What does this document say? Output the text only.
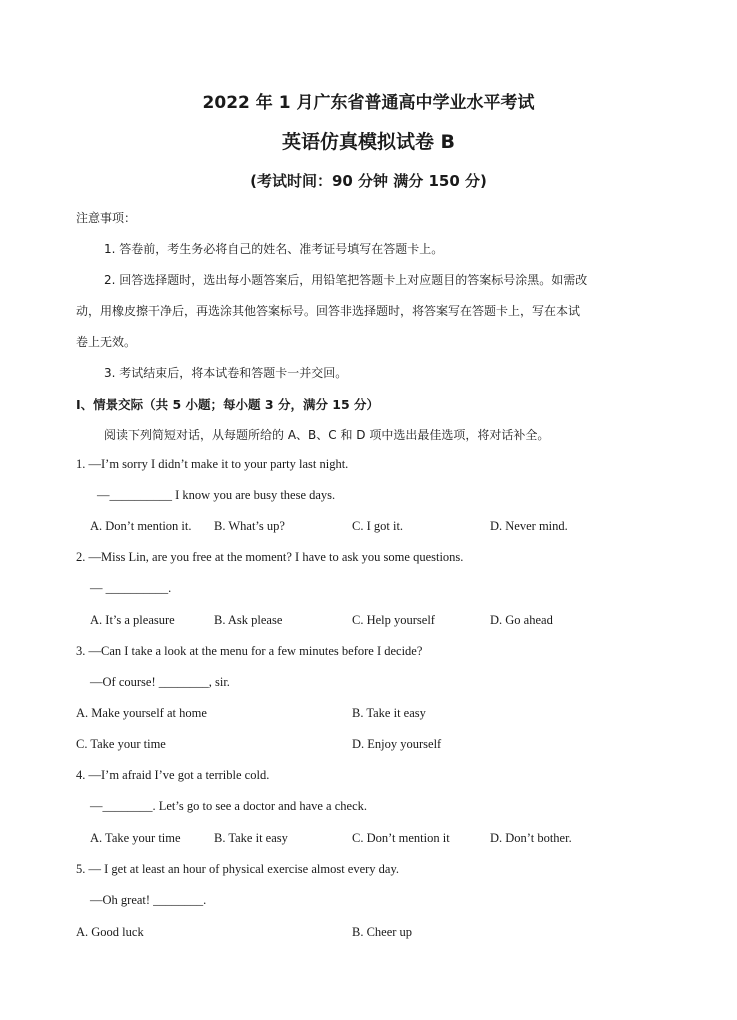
2022 年 1 月广东省普通高中学业水平考试
英语仿真模拟试卷 B
(考试时间：90 分钟 满分 150 分)
注意事项：
1. 答卷前，考生务必将自己的姓名、准考证号填写在答题卡上。
2. 回答选择题时，选出每小题答案后，用铅笔把答题卡上对应题目的答案标号涂黑。如需改
动，用橡皮擦干净后，再选涂其他答案标号。回答非选择题时，将答案写在答题卡上，写在本试
卷上无效。
3. 考试结束后，将本试卷和答题卡一并交回。
I、情景交际（共 5 小题；每小题 3 分，满分 15 分）
阅读下列简短对话，从每题所给的 A、B、C 和 D 项中选出最佳选项，将对话补全。
1. —I’m sorry I didn’t make it to your party last night.
—__________ I know you are busy these days.
A. Don’t mention it. B. What’s up?	C. I got it.	D. Never mind.
2. —Miss Lin, are you free at the moment? I have to ask you some questions.
— __________.
A. It’s a pleasure	B. Ask please	C. Help yourself	D. Go ahead
3. —Can I take a look at the menu for a few minutes before I decide?
—Of course! ________, sir.
A. Make yourself at home	B. Take it easy
C. Take your time	D. Enjoy yourself
4. —I’m afraid I’ve got a terrible cold.
—________. Let’s go to see a doctor and have a check.
A. Take your time	B. Take it easy	C. Don’t mention it	D. Don’t bother.
5. — I get at least an hour of physical exercise almost every day.
—Oh great! ________.
A. Good luck	B. Cheer up
